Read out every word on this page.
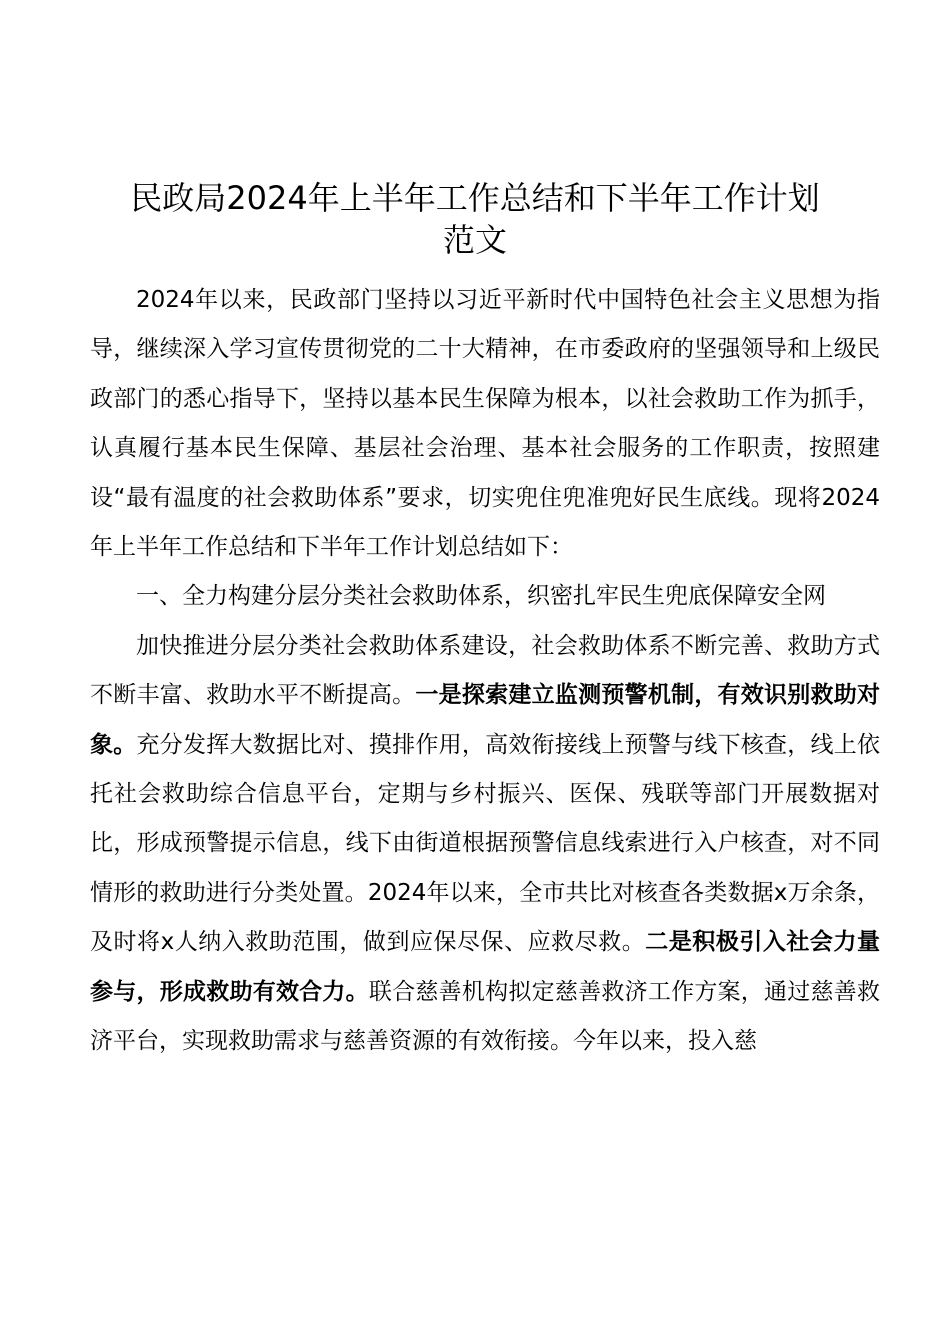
民政局2024年上半年工作总结和下半年工作计划
范文

2024年以来，民政部门坚持以习近平新时代中国特色社会主义思想为指导，继续深入学习宣传贯彻党的二十大精神，在市委政府的坚强领导和上级民政部门的悉心指导下，坚持以基本民生保障为根本，以社会救助工作为抓手，认真履行基本民生保障、基层社会治理、基本社会服务的工作职责，按照建设“最有温度的社会救助体系”要求，切实兜住兜准兜好民生底线。现将2024年上半年工作总结和下半年工作计划总结如下：

一、全力构建分层分类社会救助体系，织密扎牢民生兜底保障安全网

加快推进分层分类社会救助体系建设，社会救助体系不断完善、救助方式不断丰富、救助水平不断提高。一是探索建立监测预警机制，有效识别救助对象。充分发挥大数据比对、摸排作用，高效衔接线上预警与线下核查，线上依托社会救助综合信息平台，定期与乡村振兴、医保、残联等部门开展数据对比，形成预警提示信息，线下由街道根据预警信息线索进行入户核查，对不同情形的救助进行分类处置。2024年以来，全市共比对核查各类数据x万余条，及时将x人纳入救助范围，做到应保尽保、应救尽救。二是积极引入社会力量参与，形成救助有效合力。联合慈善机构拟定慈善救济工作方案，通过慈善救济平台，实现救助需求与慈善资源的有效衔接。今年以来，投入慈
